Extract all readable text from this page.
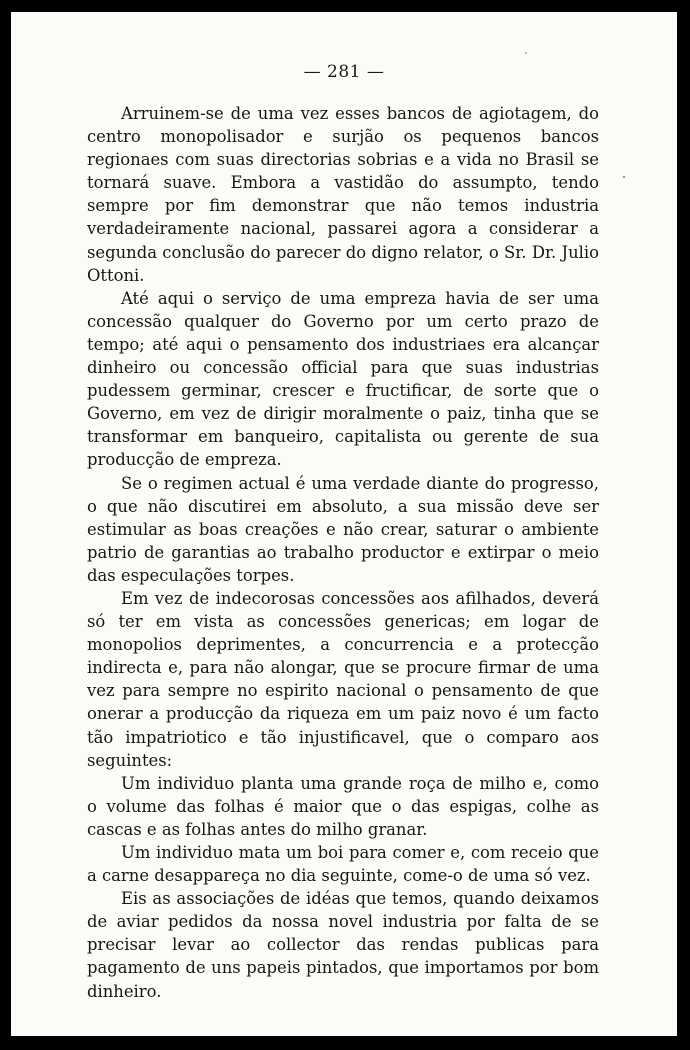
— 281 —

Arruinem-se de uma vez esses bancos de agiotagem, do centro monopolisador e surjão os pequenos bancos regionaes com suas directorias sobrias e a vida no Brasil se tornará suave. Embora a vastidão do assumpto, tendo sempre por fim demonstrar que não temos industria verdadeiramente nacional, passarei agora a considerar a segunda conclusão do parecer do digno relator, o Sr. Dr. Julio Ottoni.

Até aqui o serviço de uma empreza havia de ser uma concessão qualquer do Governo por um certo prazo de tempo; até aqui o pensamento dos industriaes era alcançar dinheiro ou concessão official para que suas industrias pudessem germinar, crescer e fructificar, de sorte que o Governo, em vez de dirigir moralmente o paiz, tinha que se transformar em banqueiro, capitalista ou gerente de sua producção de empreza.

Se o regimen actual é uma verdade diante do progresso, o que não discutirei em absoluto, a sua missão deve ser estimular as boas creações e não crear, saturar o ambiente patrio de garantias ao trabalho productor e extirpar o meio das especulações torpes.

Em vez de indecorosas concessões aos afilhados, deverá só ter em vista as concessões genericas; em logar de monopolios deprimentes, a concurrencia e a protecção indirecta e, para não alongar, que se procure firmar de uma vez para sempre no espirito nacional o pensamento de que onerar a producção da riqueza em um paiz novo é um facto tão impatriotico e tão injustificavel, que o comparo aos seguintes:

Um individuo planta uma grande roça de milho e, como o volume das folhas é maior que o das espigas, colhe as cascas e as folhas antes do milho granar.

Um individuo mata um boi para comer e, com receio que a carne desappareça no dia seguinte, come-o de uma só vez.

Eis as associações de idéas que temos, quando deixamos de aviar pedidos da nossa novel industria por falta de se precisar levar ao collector das rendas publicas para pagamento de uns papeis pintados, que importamos por bom dinheiro.
